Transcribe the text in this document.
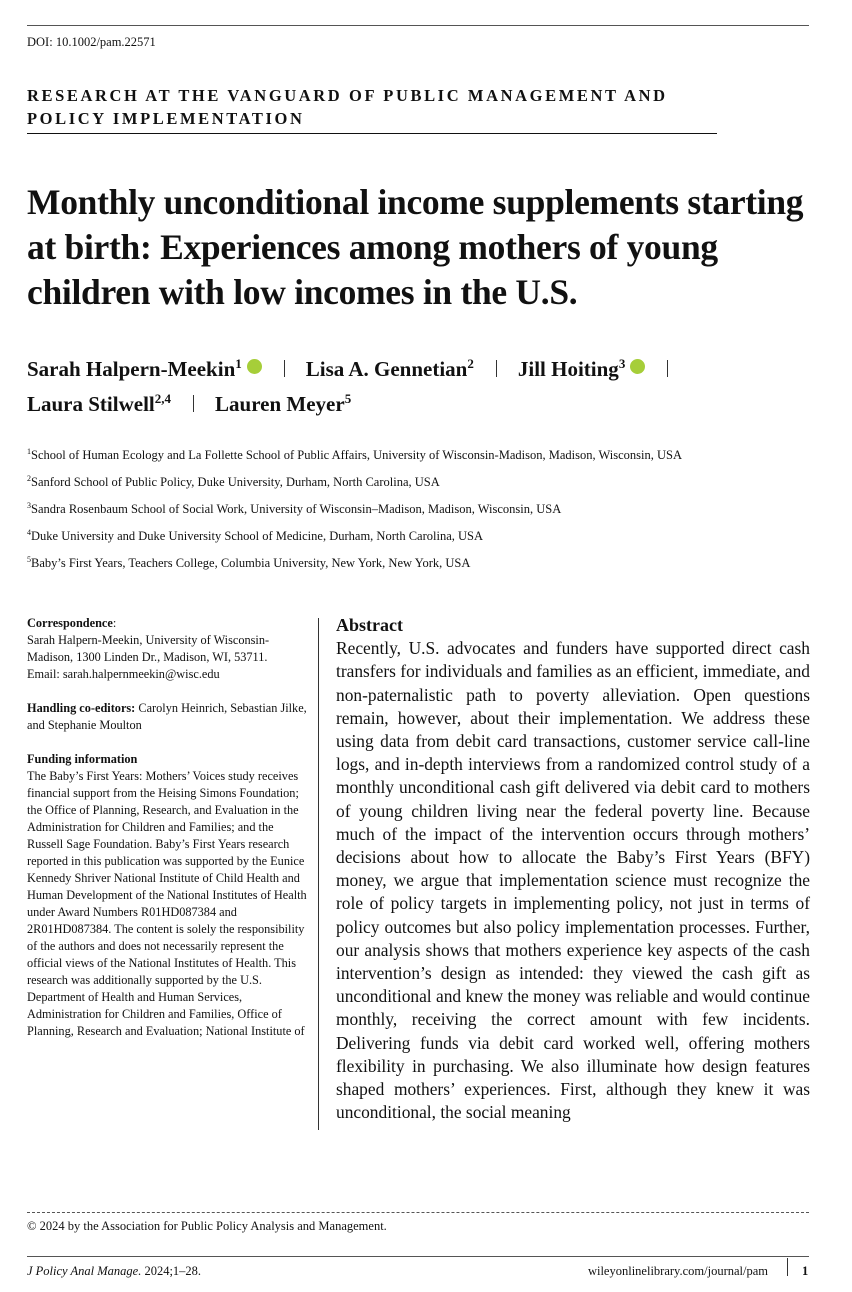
DOI: 10.1002/pam.22571
RESEARCH AT THE VANGUARD OF PUBLIC MANAGEMENT AND POLICY IMPLEMENTATION
Monthly unconditional income supplements starting at birth: Experiences among mothers of young children with low incomes in the U.S.
Sarah Halpern-Meekin$^1$ iD	Lisa A. Gennetian$^2$ Jill Hoiting$^3$iD
Laura Stilwell$^{2,4}$ Lauren Meyer$^5$
$^1$School of Human Ecology and La Follette School of Public Affairs, University of Wisconsin-Madison, Madison, Wisconsin, USA
$^2$Sanford School of Public Policy, Duke University, Durham, North Carolina, USA
$^3$Sandra Rosenbaum School of Social Work, University of Wisconsin–Madison, Madison, Wisconsin, USA
$^4$Duke University and Duke University School of Medicine, Durham, North Carolina, USA
$^5$Baby’s First Years, Teachers College, Columbia University, New York, New York, USA
Correspondence:
Sarah Halpern-Meekin, University of Wisconsin-Madison, 1300 Linden Dr., Madison, WI, 53711.
Email: sarah.halpernmeekin@wisc.edu
Handling co-editors: Carolyn Heinrich, Sebastian Jilke, and Stephanie Moulton
Funding information
The Baby’s First Years: Mothers’ Voices study receives financial support from the Heising Simons Foundation; the Office of Planning, Research, and Evaluation in the Administration for Children and Families; and the Russell Sage Foundation. Baby’s First Years research reported in this publication was supported by the Eunice Kennedy Shriver National Institute of Child Health and Human Development of the National Institutes of Health under Award Numbers R01HD087384 and 2R01HD087384. The content is solely the responsibility of the authors and does not necessarily represent the official views of the National Institutes of Health. This research was additionally supported by the U.S. Department of Health and Human Services, Administration for Children and Families, Office of Planning, Research and Evaluation; National Institute of
Abstract
Recently, U.S. advocates and funders have supported direct cash transfers for individuals and families as an efficient, immediate, and non-paternalistic path to poverty alleviation. Open questions remain, however, about their implementation. We address these using data from debit card transactions, customer service call-line logs, and in-depth interviews from a randomized control study of a monthly unconditional cash gift delivered via debit card to mothers of young children living near the federal poverty line. Because much of the impact of the intervention occurs through mothers’ decisions about how to allocate the Baby’s First Years (BFY) money, we argue that implementation science must recognize the role of policy targets in implementing policy, not just in terms of policy outcomes but also policy implementation processes. Further, our analysis shows that mothers experience key aspects of the cash intervention’s design as intended: they viewed the cash gift as unconditional and knew the money was reliable and would continue monthly, receiving the correct amount with few incidents. Delivering funds via debit card worked well, offering mothers flexibility in purchasing. We also illuminate how design features shaped mothers’ experiences. First, although they knew it was unconditional, the social meaning
© 2024 by the Association for Public Policy Analysis and Management.
J Policy Anal Manage. 2024;1–28.	wileyonlinelibrary.com/journal/pam	1
